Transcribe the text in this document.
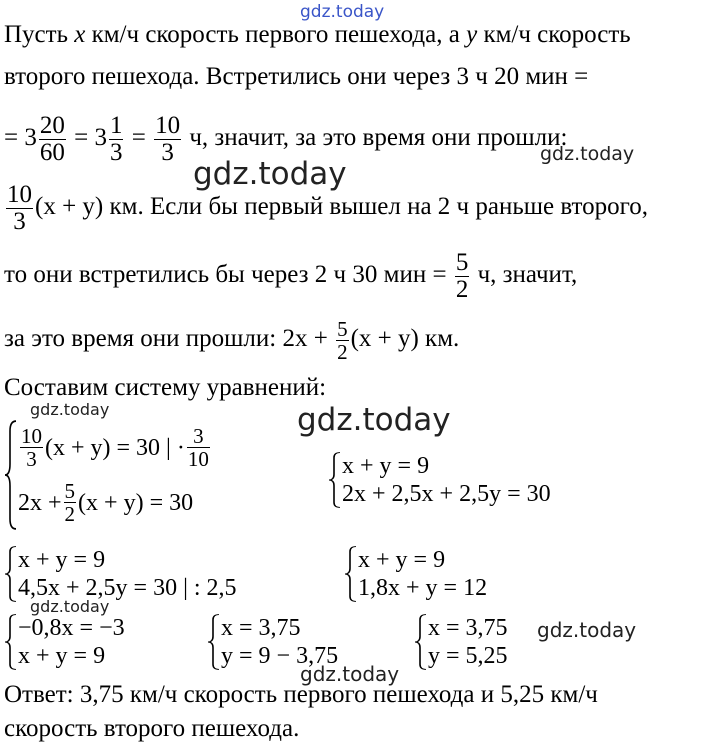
gdz.today
gdz.today
gdz.today
gdz.today	gdz.today
gdz.today
gdz.today
gdz.today
Пусть x км/ч скорость первого пешехода, а y км/ч скорость
второго пешехода. Встретились они через 3 ч 20 мин =
= $3 \frac{20}{60} = 3 \frac{1}{3} = \frac{10}{3} ч$, значит, за это время они прошли:
$\frac{10}{3} (x + y)$ км. Если бы первый вышел на 2 ч раньше второго,
то они встретились бы через 2 ч 30 мин = $\frac{5}{2} ч$, значит,
за это время они прошли: $2x + \frac{5}{2} (x + y)$ км.
Составим систему уравнений:
$\frac{10}{3} (x + y) = 30$ | · $\frac{3}{10}$
$2x + \frac{5}{2} (x + y) = 30$
x + y = 9
2x + 2,5x + 2,5y = 30
x + y = 9
4,5x + 2,5y = 30 | : 2,5
x + y = 9
1,8x + y = 12
−0,8x = −3
x + y = 9
x = 3,75
y = 9 − 3,75
x = 3,75
y = 5,25
Ответ: 3,75 км/ч скорость первого пешехода и 5,25 км/ч
скорость второго пешехода.
